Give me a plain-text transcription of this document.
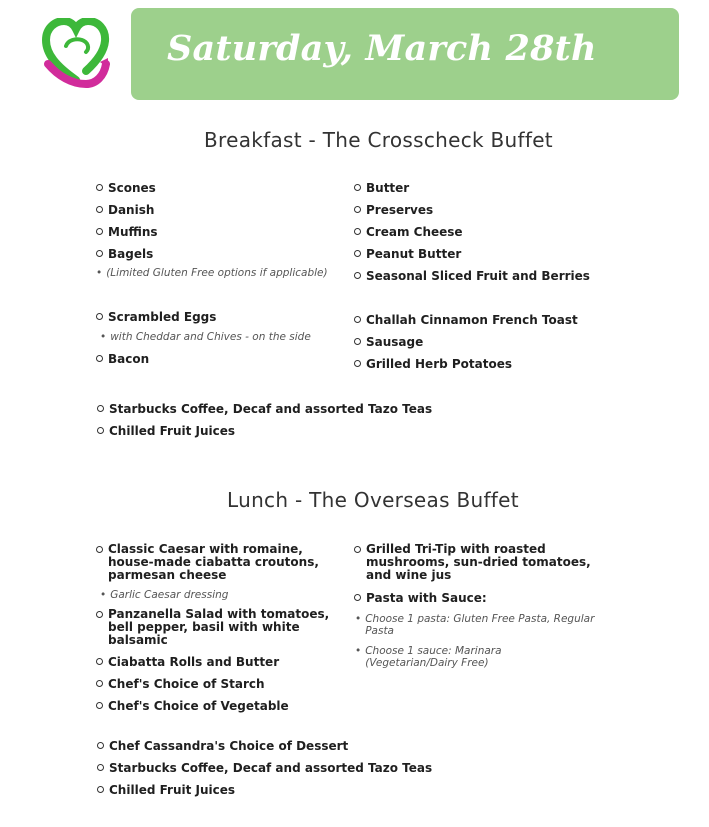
Saturday, March 28th
Breakfast - The Crosscheck Buffet
Scones
Danish
Muffins
Bagels
• (Limited Gluten Free options if applicable)
Butter
Preserves
Cream Cheese
Peanut Butter
Seasonal Sliced Fruit and Berries
Scrambled Eggs
• with Cheddar and Chives - on the side
Bacon
Challah Cinnamon French Toast
Sausage
Grilled Herb Potatoes
Starbucks Coffee, Decaf and assorted Tazo Teas
Chilled Fruit Juices
Lunch - The Overseas Buffet
Classic Caesar with romaine, house-made ciabatta croutons, parmesan cheese
• Garlic Caesar dressing
Panzanella Salad with tomatoes, bell pepper, basil with white balsamic
Ciabatta Rolls and Butter
Chef's Choice of Starch
Chef's Choice of Vegetable
Grilled Tri-Tip with roasted mushrooms, sun-dried tomatoes, and wine jus
Pasta with Sauce:
• Choose 1 pasta: Gluten Free Pasta, Regular Pasta
• Choose 1 sauce: Marinara (Vegetarian/Dairy Free)
Chef Cassandra's Choice of Dessert
Starbucks Coffee, Decaf and assorted Tazo Teas
Chilled Fruit Juices
